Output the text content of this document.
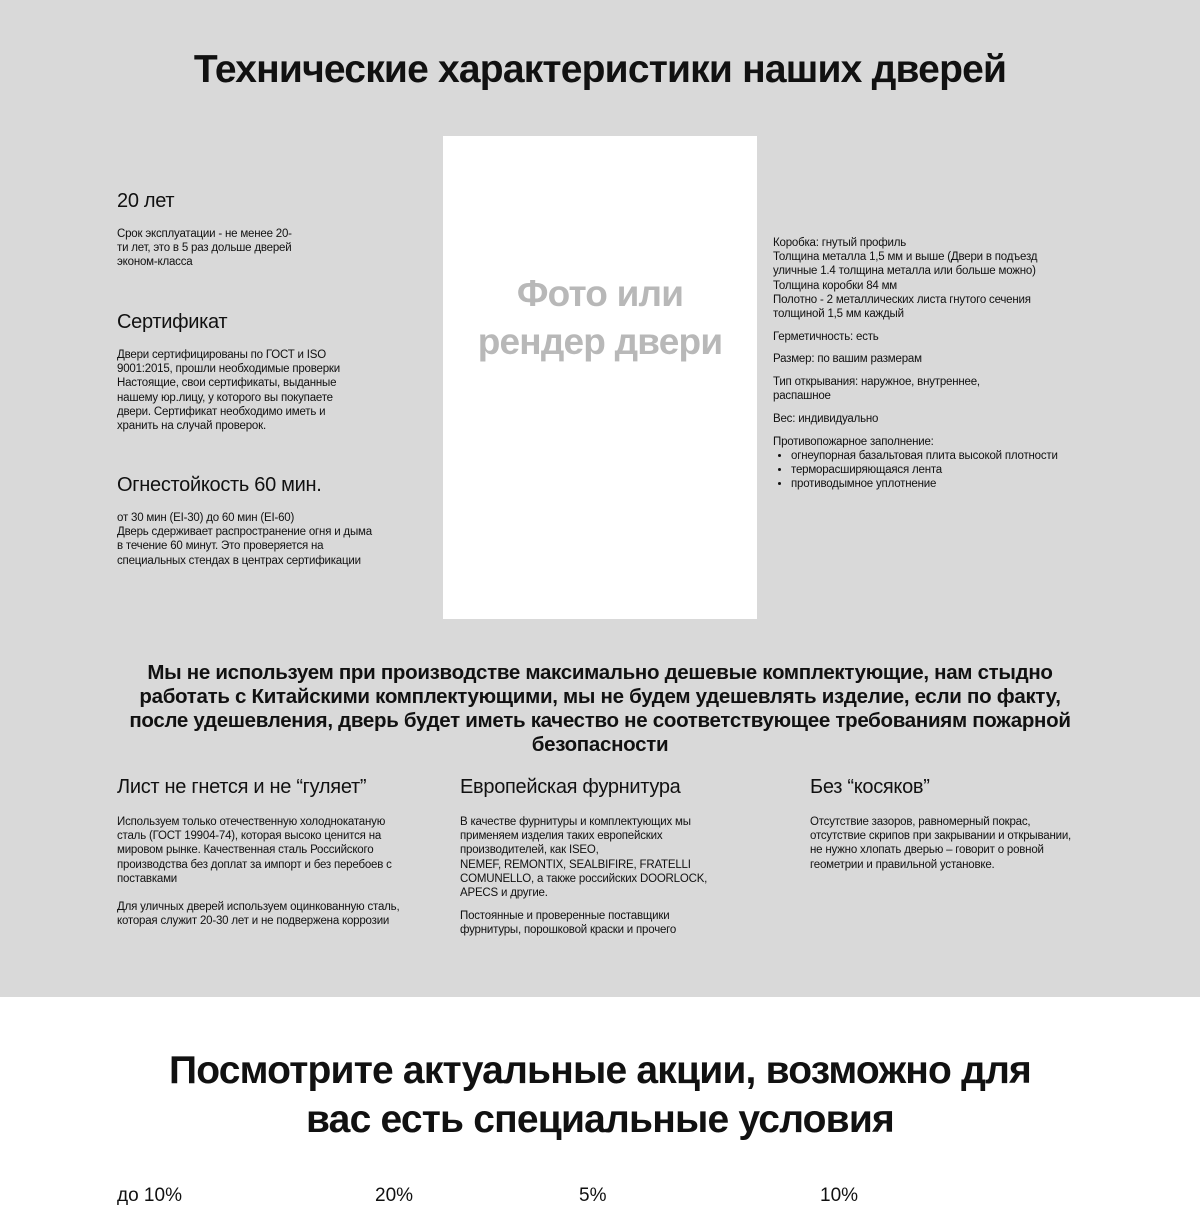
Технические характеристики наших дверей
Фото или рендер двери
20 лет

Срок эксплуатации - не менее 20-ти лет, это в 5 раз дольше дверей эконом-класса

Сертификат

Двери сертифицированы по ГОСТ и ISO 9001:2015, прошли необходимые проверки Настоящие, свои сертификаты, выданные нашему юр.лицу, у которого вы покупаете двери. Сертификат необходимо иметь и хранить на случай проверок.

Огнестойкость 60 мин.

от 30 мин (EI-30) до 60 мин (EI-60)

Дверь сдерживает распространение огня и дыма в течение 60 минут. Это проверяется на специальных стендах в центрах сертификации

Коробка: гнутый профиль
Толщина металла 1,5 мм и выше (Двери в подъезд уличные 1.4 толщина металла или больше можно)
Толщина коробки 84 мм
Полотно - 2 металлических листа гнутого сечения толщиной 1,5 мм каждый

Герметичность: есть

Размер: по вашим размерам

Тип открывания: наружное, внутреннее, распашное

Вес: индивидуально

Противопожарное заполнение:
• огнеупорная базальтовая плита высокой плотности
• терморасширяющаяся лента
• противодымное уплотнение

Мы не используем при производстве максимально дешевые комплектующие, нам стыдно работать с Китайскими комплектующими, мы не будем удешевлять изделие, если по факту, после удешевления, дверь будет иметь качество не соответствующее требованиям пожарной безопасности

Лист не гнется и не “гуляет”

Используем только отечественную холоднокатаную сталь (ГОСТ 19904-74), которая высоко ценится на мировом рынке. Качественная сталь Российского производства без доплат за импорт и без перебоев с поставками

Для уличных дверей используем оцинкованную сталь, которая служит 20-30 лет и не подвержена коррозии

Европейская фурнитура

В качестве фурнитуры и комплектующих мы применяем изделия таких европейских производителей, как ISEO,
NEMEF, REMONTIX, SEALBIFIRE, FRATELLI COMUNELLO, а также российских DOORLOCK, APECS и другие.

Постоянные и проверенные поставщики фурнитуры, порошковой краски и прочего

Без “косяков”

Отсутствие зазоров, равномерный покрас, отсутствие скрипов при закрывании и открывании, не нужно хлопать дверью – говорит о ровной геометрии и правильной установке.

Посмотрите актуальные акции, возможно для
вас есть специальные условия
до 10%	20%	5%	10%
